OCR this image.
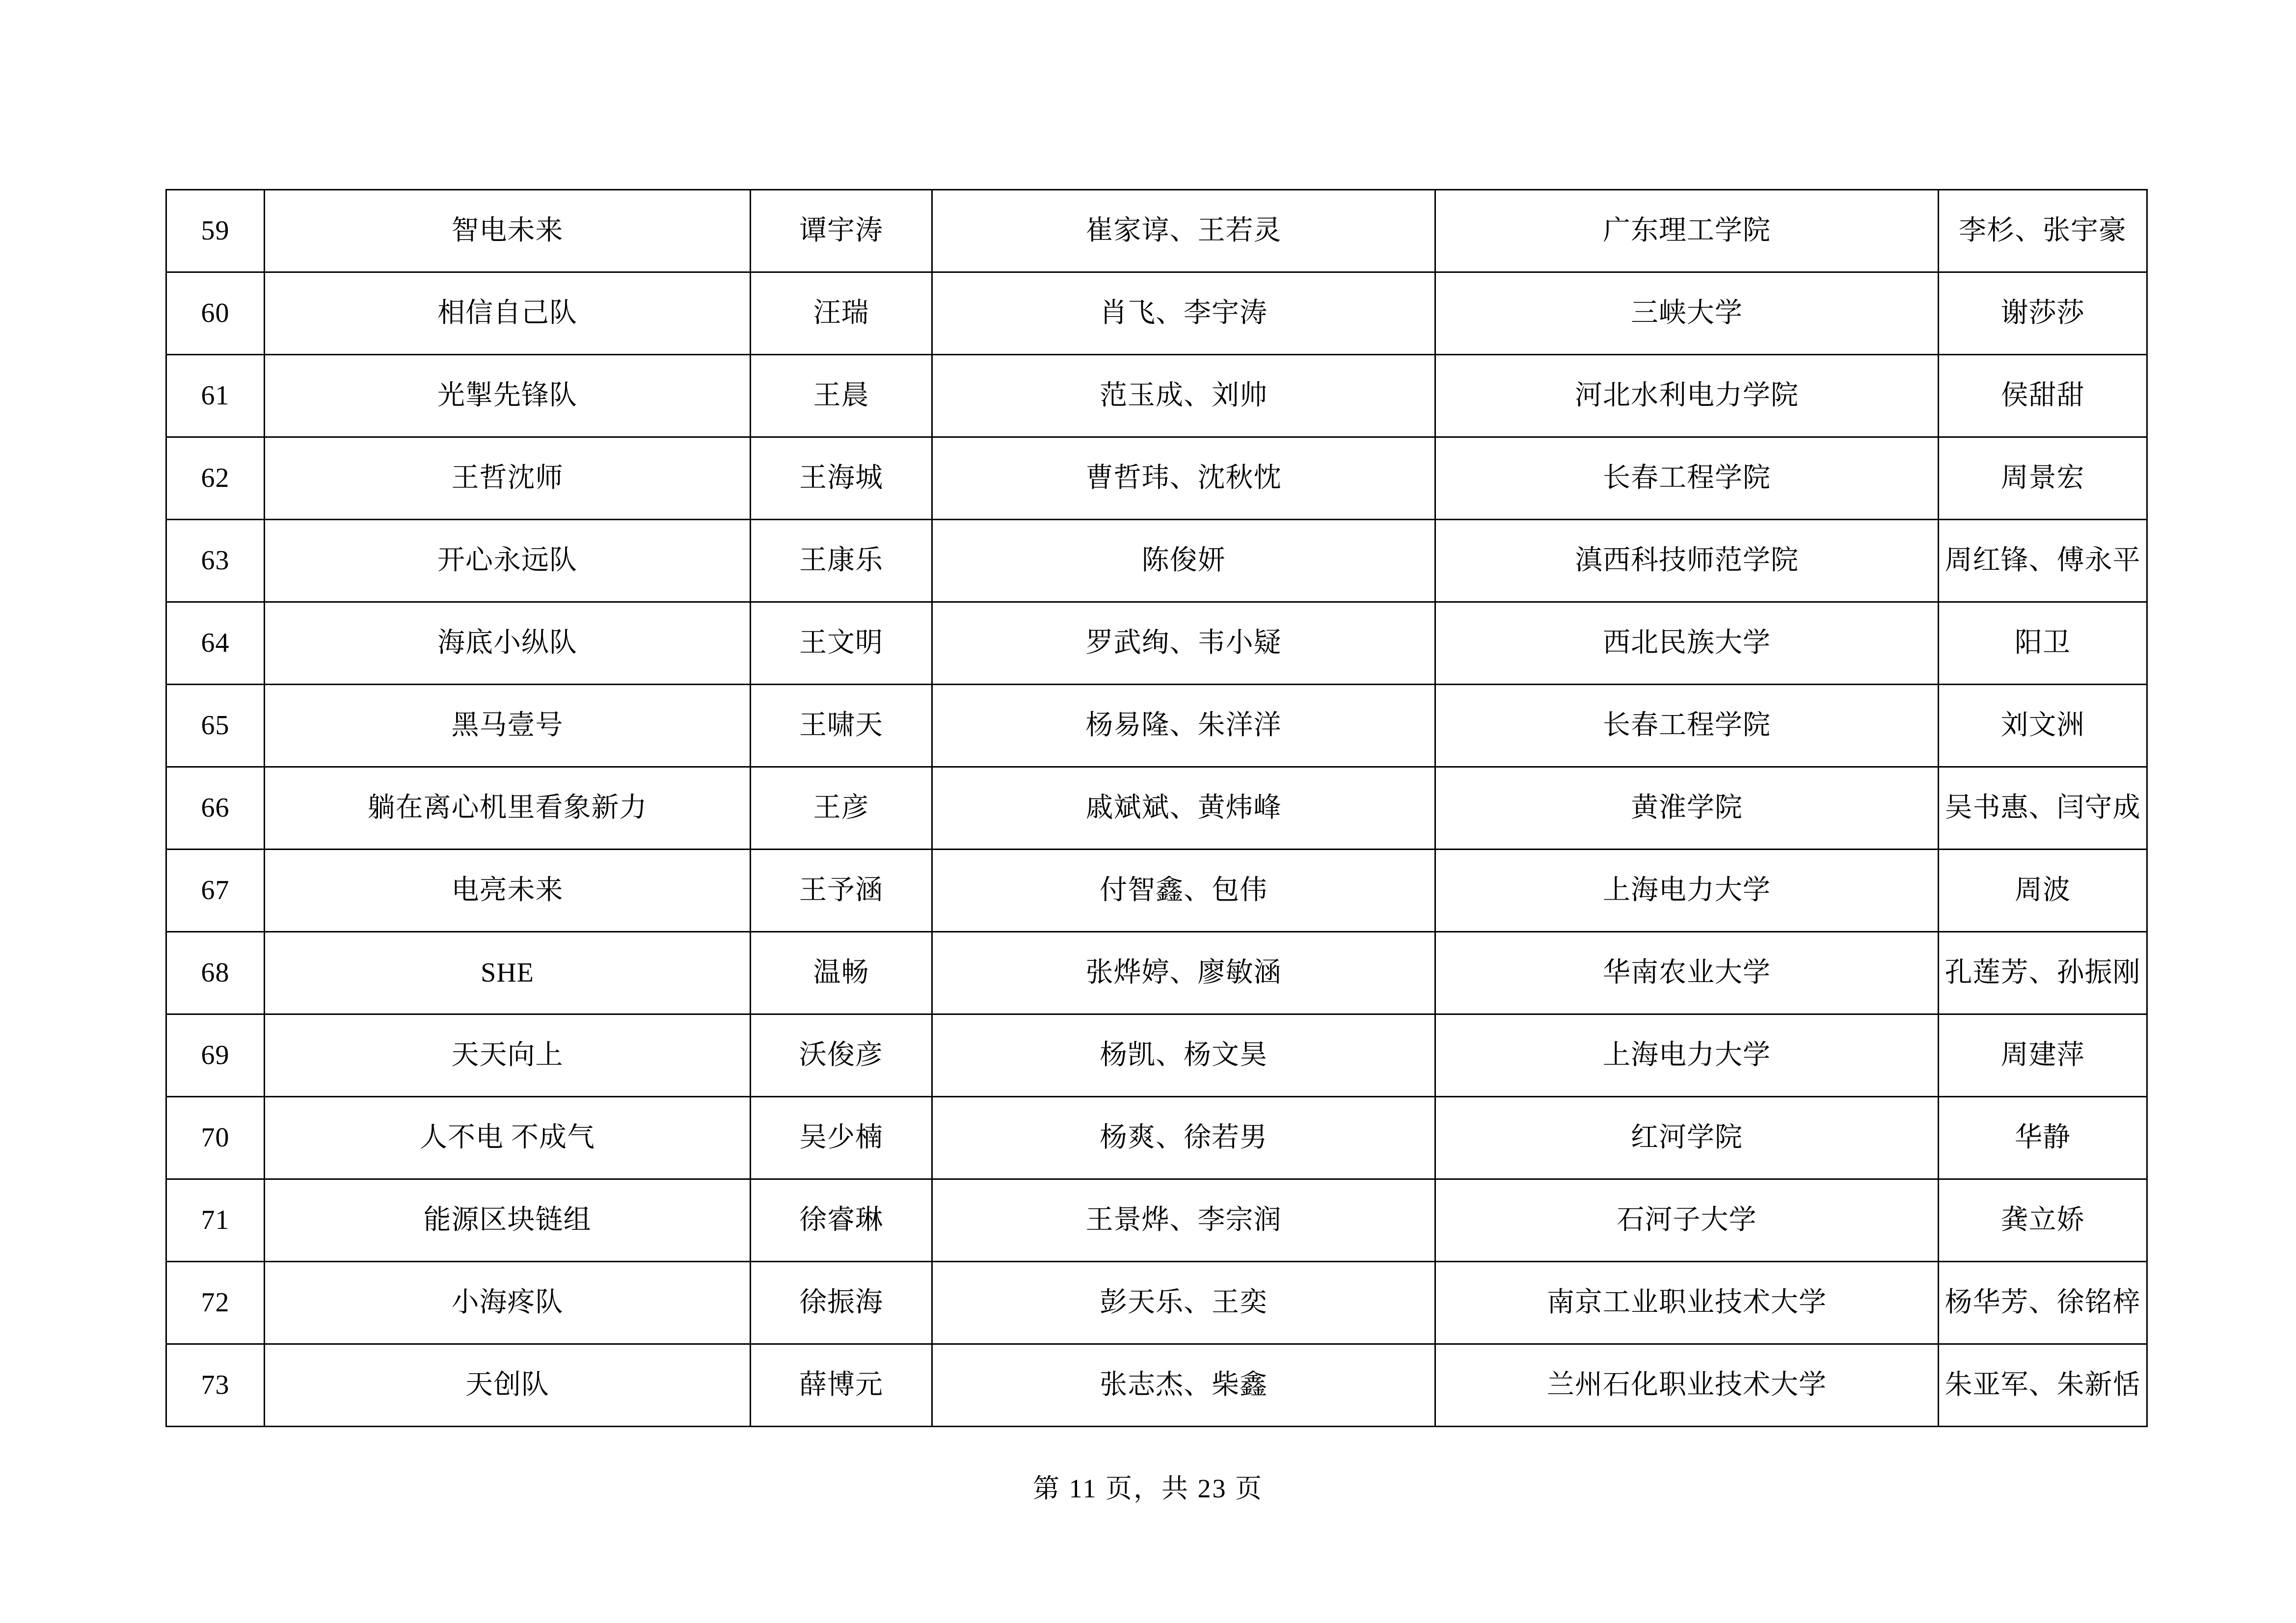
59	智电未来	谭宇涛	崔家谆、王若灵	广东理工学院	李杉、张宇豪
60	相信自己队	汪瑞	肖飞、李宇涛	三峡大学	谢莎莎
61	光掣先锋队	王晨	范玉成、刘帅	河北水利电力学院	侯甜甜
62	王哲沈师	王海城	曹哲玮、沈秋忱	长春工程学院	周景宏
63	开心永远队	王康乐	陈俊妍	滇西科技师范学院	周红锋、傅永平
64	海底小纵队	王文明	罗武绚、韦小疑	西北民族大学	阳卫
65	黑马壹号	王啸天	杨易隆、朱洋洋	长春工程学院	刘文洲
66	躺在离心机里看象新力	王彦	戚斌斌、黄炜峰	黄淮学院	吴书惠、闫守成
67	电亮未来	王予涵	付智鑫、包伟	上海电力大学	周波
68	SHE	温畅	张烨婷、廖敏涵	华南农业大学	孔莲芳、孙振刚
69	天天向上	沃俊彦	杨凯、杨文昊	上海电力大学	周建萍
70	人不电 不成气	吴少楠	杨爽、徐若男	红河学院	华静
71	能源区块链组	徐睿琳	王景烨、李宗润	石河子大学	龚立娇
72	小海疼队	徐振海	彭天乐、王奕	南京工业职业技术大学	杨华芳、徐铭梓
73	天创队	薛博元	张志杰、柴鑫	兰州石化职业技术大学	朱亚军、朱新恬
第 11 页，共 23 页
